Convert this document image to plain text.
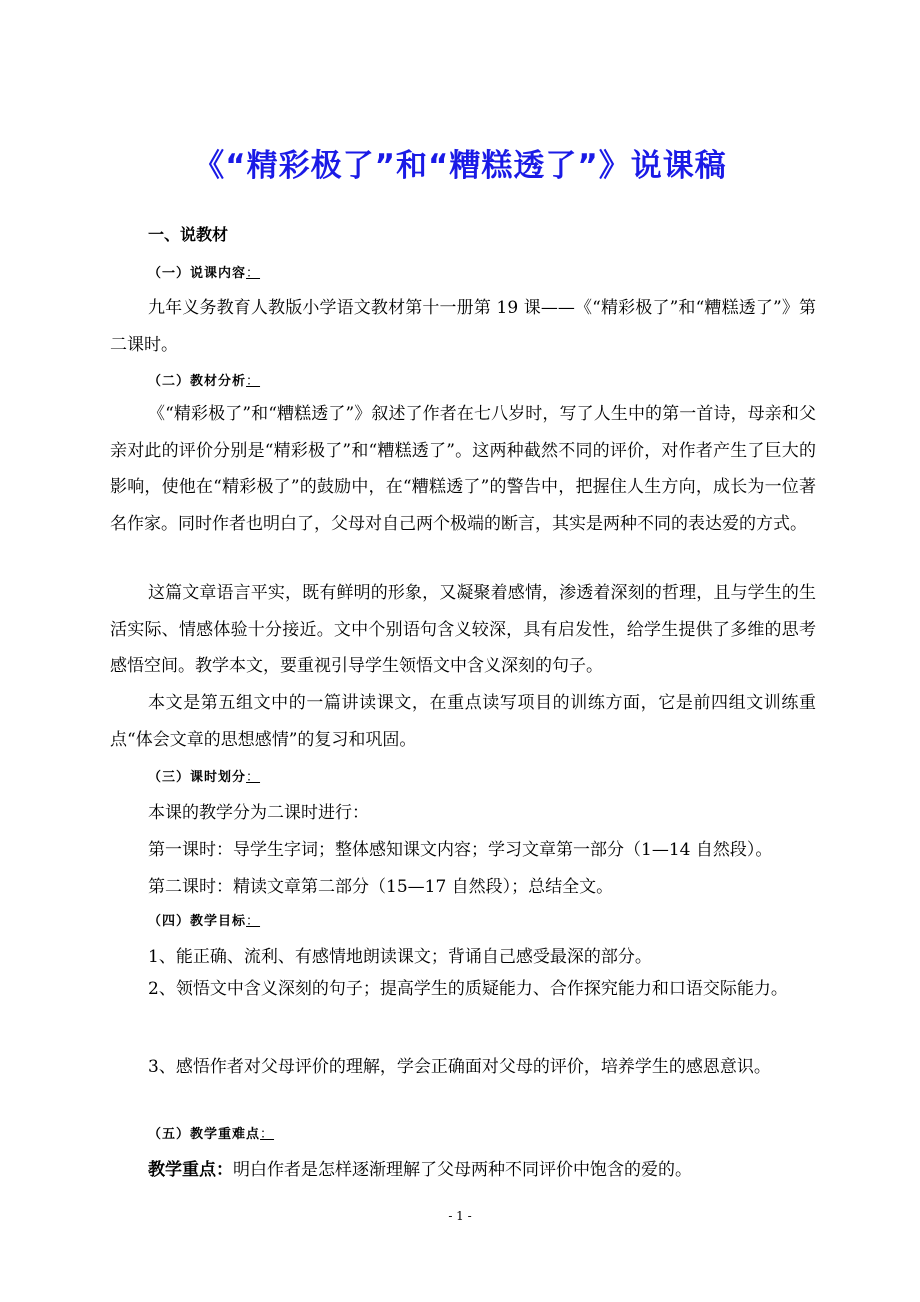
《“精彩极了”和“糟糕透了”》说课稿
一、说教材
（一）说课内容：

九年义务教育人教版小学语文教材第十一册第 19 课——《“精彩极了”和“糟糕透了”》第二课时。

（二）教材分析：

《“精彩极了”和“糟糕透了”》叙述了作者在七八岁时，写了人生中的第一首诗，母亲和父亲对此的评价分别是“精彩极了”和“糟糕透了”。这两种截然不同的评价，对作者产生了巨大的影响，使他在“精彩极了”的鼓励中，在“糟糕透了”的警告中，把握住人生方向，成长为一位著名作家。同时作者也明白了，父母对自己两个极端的断言，其实是两种不同的表达爱的方式。

这篇文章语言平实，既有鲜明的形象，又凝聚着感情，渗透着深刻的哲理，且与学生的生活实际、情感体验十分接近。文中个别语句含义较深，具有启发性，给学生提供了多维的思考感悟空间。教学本文，要重视引导学生领悟文中含义深刻的句子。

本文是第五组文中的一篇讲读课文，在重点读写项目的训练方面，它是前四组文训练重点“体会文章的思想感情”的复习和巩固。

（三）课时划分：
本课的教学分为二课时进行：
第一课时：导学生字词；整体感知课文内容；学习文章第一部分（1—14 自然段）。
第二课时：精读文章第二部分（15—17 自然段）；总结全文。
（四）教学目标：
1、能正确、流利、有感情地朗读课文；背诵自己感受最深的部分。

2、领悟文中含义深刻的句子；提高学生的质疑能力、合作探究能力和口语交际能力。

3、感悟作者对父母评价的理解，学会正确面对父母的评价，培养学生的感恩意识。
（五）教学重难点：
教学重点：明白作者是怎样逐渐理解了父母两种不同评价中饱含的爱的。
- 1 -
